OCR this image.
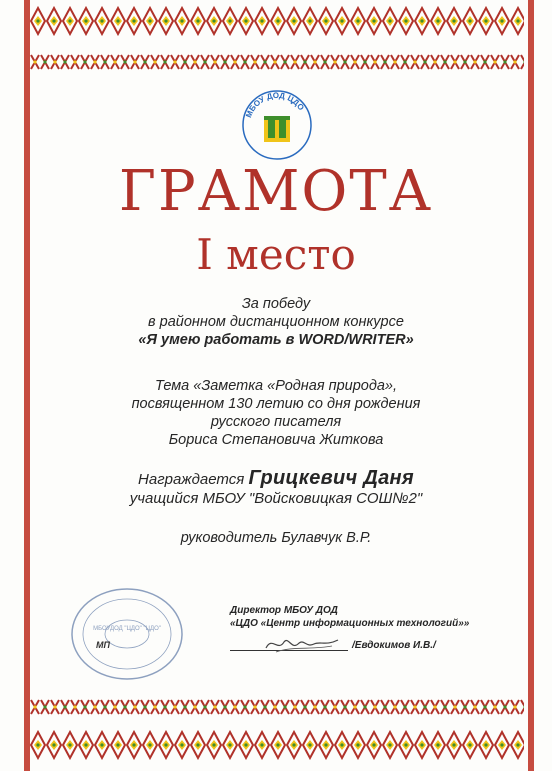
МБОУ ДОД ЦДО
ГРАМОТА
I место
За победу
в районном дистанционном конкурсе
«Я умею работать в WORD/WRITER»
Тема «Заметка «Родная природа»,
посвященном 130 летию со дня рождения
русского писателя
Бориса Степановича Житкова
Награждается Грицкевич Даня
учащийся МБОУ "Войсковицкая СОШ№2"
руководитель Булавчук В.Р.
МБОУДОД "ЦДО" "ЦДО"
МП
Директор МБОУ ДОД
«ЦДО «Центр информационных технологий»»
/Евдокимов И.В./
